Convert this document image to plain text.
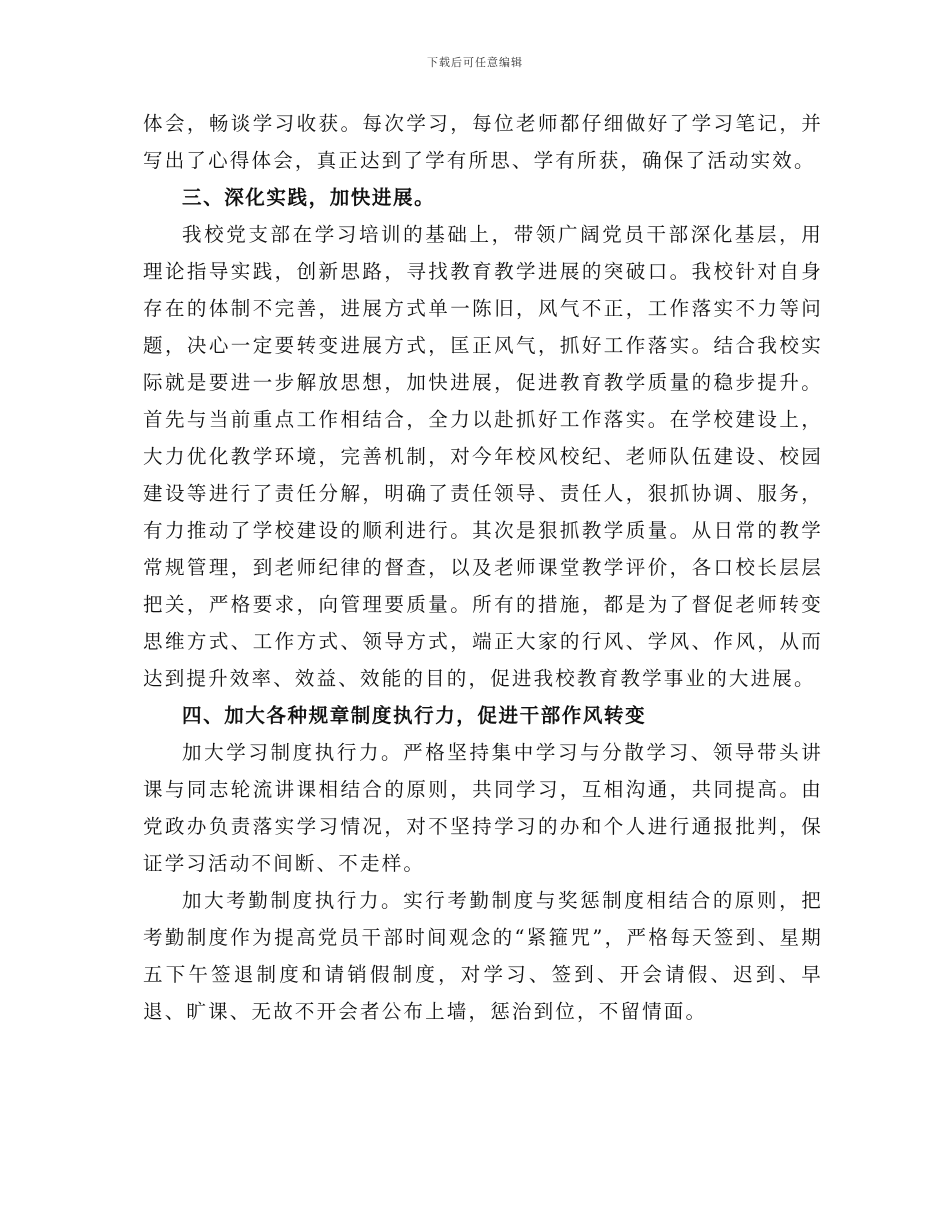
下载后可任意编辑

体会，畅谈学习收获。每次学习，每位老师都仔细做好了学习笔记，并写出了心得体会，真正达到了学有所思、学有所获，确保了活动实效。

三、深化实践，加快进展。

我校党支部在学习培训的基础上，带领广阔党员干部深化基层，用理论指导实践，创新思路，寻找教育教学进展的突破口。我校针对自身存在的体制不完善，进展方式单一陈旧，风气不正，工作落实不力等问题，决心一定要转变进展方式，匡正风气，抓好工作落实。结合我校实际就是要进一步解放思想，加快进展，促进教育教学质量的稳步提升。首先与当前重点工作相结合，全力以赴抓好工作落实。在学校建设上，大力优化教学环境，完善机制，对今年校风校纪、老师队伍建设、校园建设等进行了责任分解，明确了责任领导、责任人，狠抓协调、服务，有力推动了学校建设的顺利进行。其次是狠抓教学质量。从日常的教学常规管理，到老师纪律的督查，以及老师课堂教学评价，各口校长层层把关，严格要求，向管理要质量。所有的措施，都是为了督促老师转变思维方式、工作方式、领导方式，端正大家的行风、学风、作风，从而达到提升效率、效益、效能的目的，促进我校教育教学事业的大进展。

四、加大各种规章制度执行力，促进干部作风转变

加大学习制度执行力。严格坚持集中学习与分散学习、领导带头讲课与同志轮流讲课相结合的原则，共同学习，互相沟通，共同提高。由党政办负责落实学习情况，对不坚持学习的办和个人进行通报批判，保证学习活动不间断、不走样。

加大考勤制度执行力。实行考勤制度与奖惩制度相结合的原则，把考勤制度作为提高党员干部时间观念的“紧箍咒”，严格每天签到、星期五下午签退制度和请销假制度，对学习、签到、开会请假、迟到、早退、旷课、无故不开会者公布上墙，惩治到位，不留情面。
